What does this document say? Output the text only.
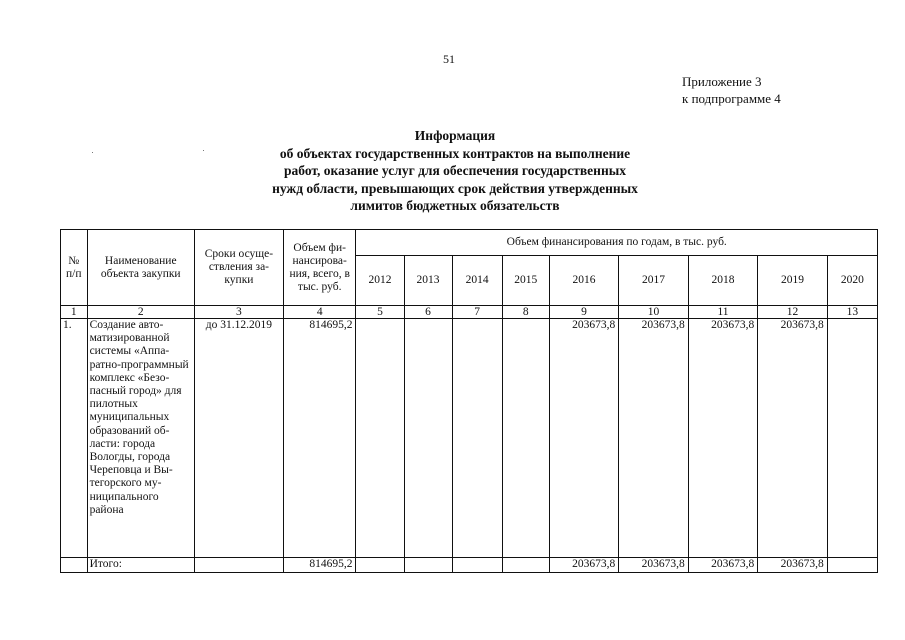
51
Приложение 3
к подпрограмме 4
Информация
об объектах государственных контрактов на выполнение
работ, оказание услуг для обеспечения государственных
нужд области, превышающих срок действия утвержденных
лимитов бюджетных обязательств
№ п/п	Наименование объекта закупки	Сроки осуще-ствления за-купки	Объем фи-нансирова-ния, всего, в тыс. руб.	Объем финансирования по годам, в тыс. руб.								
				2012	2013	2014	2015	2016	2017	2018	2019	2020
1	2	3	4	5	6	7	8	9	10	11	12	13
1.	Создание авто-матизированной системы «Аппа-ратно-программный комплекс «Безо-пасный город» для пилотных муниципальных образований об-ласти: города Вологды, города Череповца и Вы-тегорского му-ниципального района	до 31.12.2019	814695,2					203673,8	203673,8	203673,8	203673,8	
	Итого:		814695,2					203673,8	203673,8	203673,8	203673,8	
